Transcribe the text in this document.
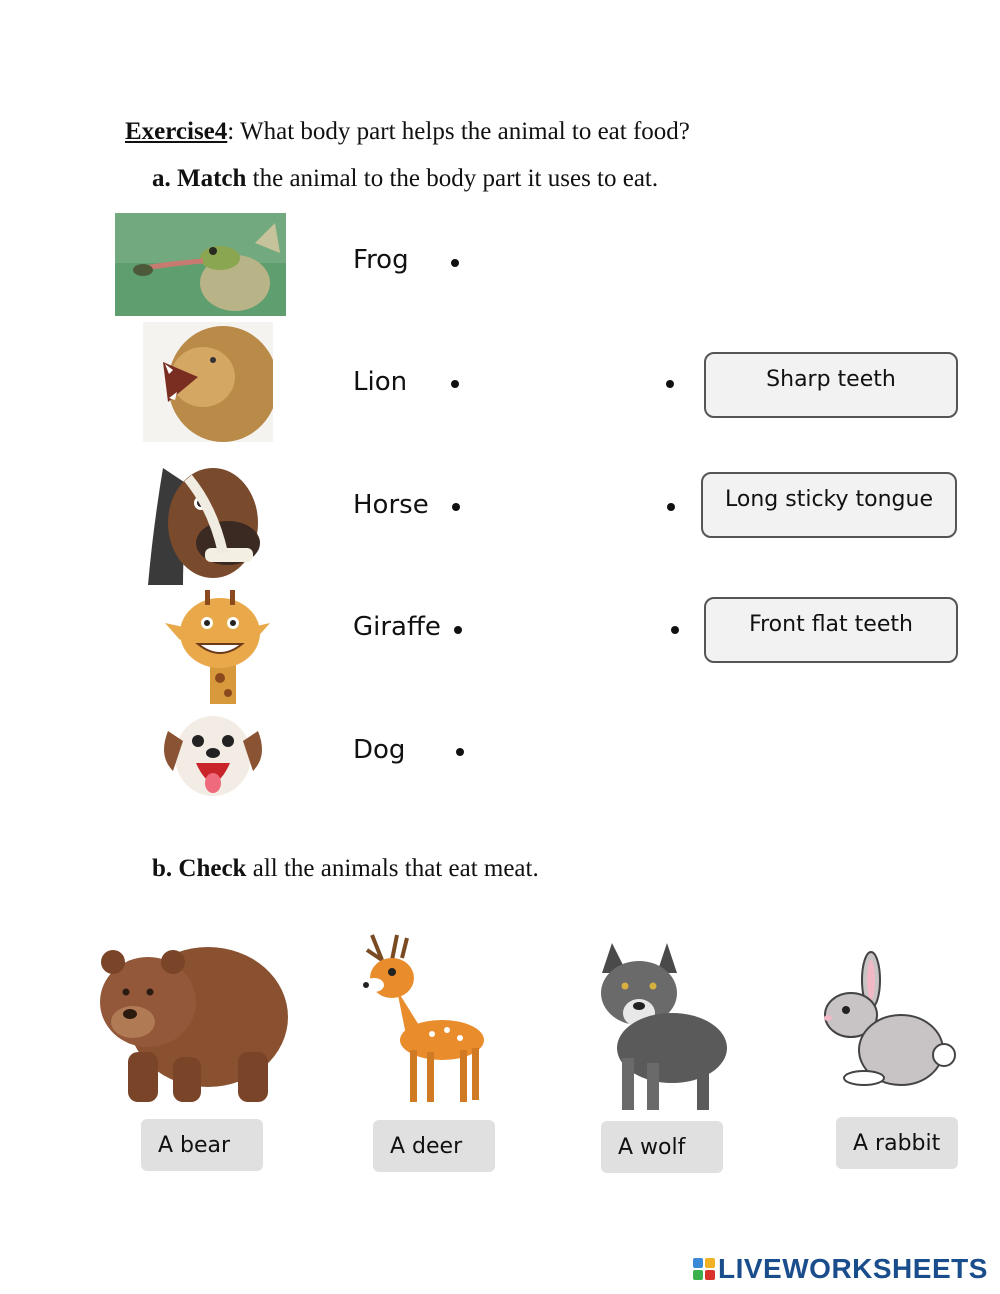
Exercise4: What body part helps the animal to eat food?
a. Match the animal to the body part it uses to eat.
Frog
Lion
Horse
Giraffe
Dog
Sharp teeth
Long sticky tongue
Front flat teeth
b. Check all the animals that eat meat.
A bear	A deer	A wolf	A rabbit
LIVEWORKSHEETS
